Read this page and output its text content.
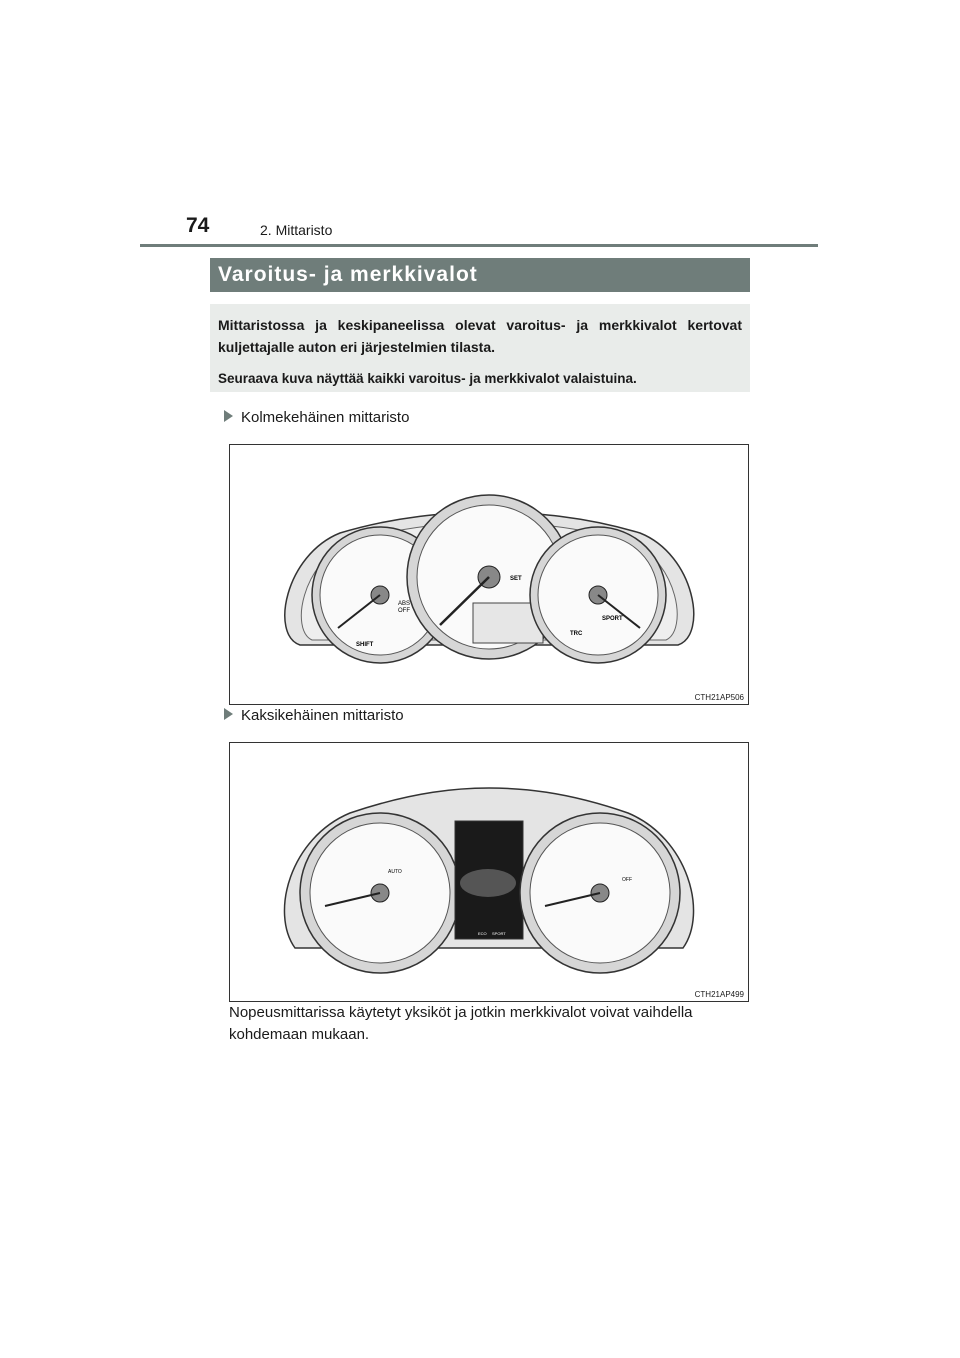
74	2. Mittaristo
Varoitus- ja merkkivalot

Mittaristossa ja keskipaneelissa olevat varoitus- ja merkkivalot kertovat kuljettajalle auton eri järjestelmien tilasta.

Seuraava kuva näyttää kaikki varoitus- ja merkkivalot valaistuina.

Kolmekehäinen mittaristo
ABS
OFF
SHIFT
SET
SPORT
TRC
CTH21AP506
Kaksikehäinen mittaristo
AUTO
SPORT
ECO
OFF
CTH21AP499
Nopeusmittarissa käytetyt yksiköt ja jotkin merkkivalot voivat vaihdella kohdemaan mukaan.
